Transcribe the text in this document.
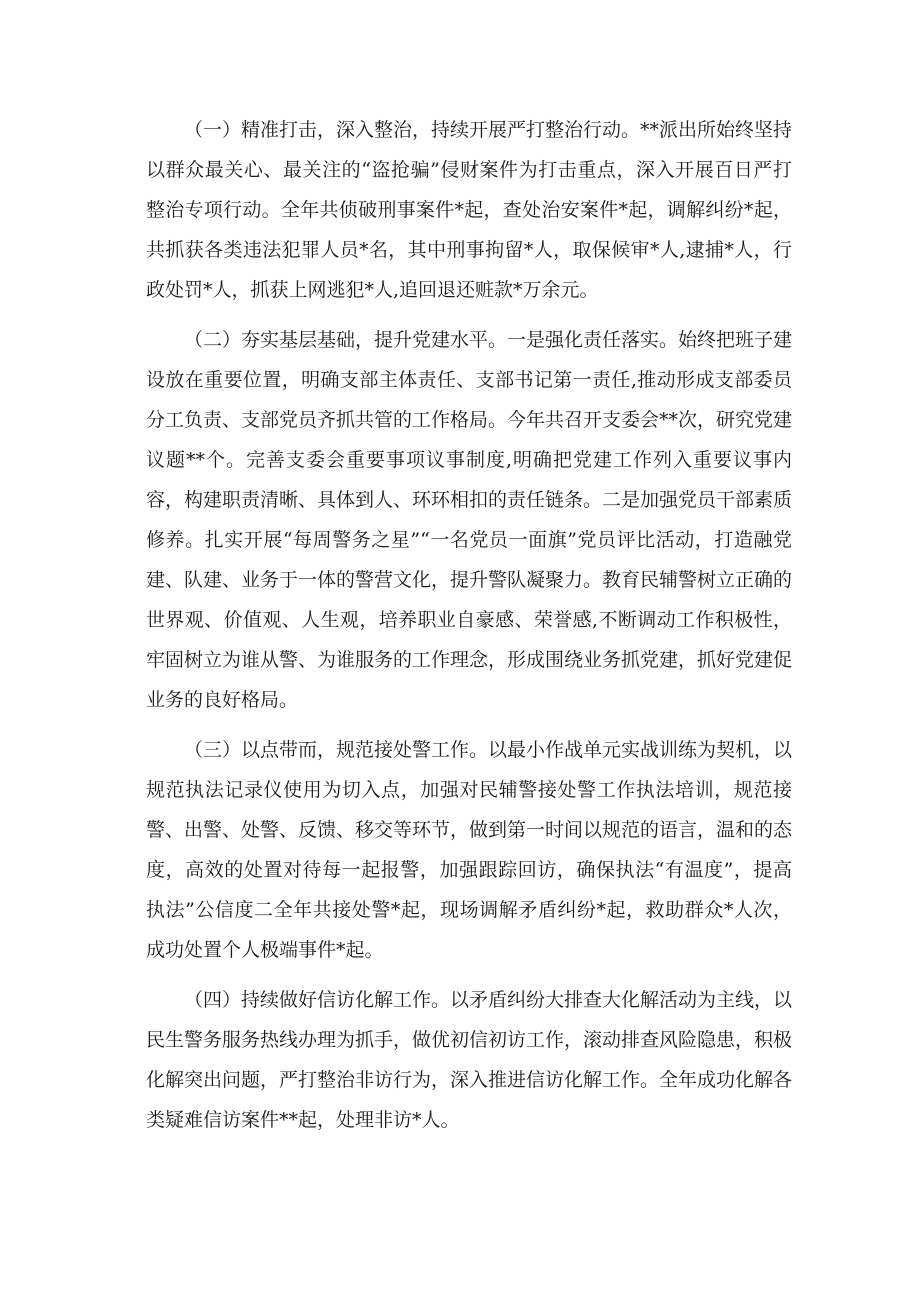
（一）精准打击，深入整治，持续开展严打整治行动。**派出所始终坚持以群众最关心、最关注的“盗抢骗”侵财案件为打击重点，深入开展百日严打整治专项行动。全年共侦破刑事案件*起，查处治安案件*起，调解纠纷*起，共抓获各类违法犯罪人员*名，其中刑事拘留*人，取保候审*人,逮捕*人，行政处罚*人，抓获上网逃犯*人,追回退还赃款*万余元。

（二）夯实基层基础，提升党建水平。一是强化责任落实。始终把班子建设放在重要位置，明确支部主体责任、支部书记第一责任,推动形成支部委员分工负责、支部党员齐抓共管的工作格局。今年共召开支委会**次，研究党建议题**个。完善支委会重要事项议事制度,明确把党建工作列入重要议事内容，构建职责清晰、具体到人、环环相扣的责任链条。二是加强党员干部素质修养。扎实开展“每周警务之星”“一名党员一面旗”党员评比活动，打造融党建、队建、业务于一体的警营文化，提升警队凝聚力。教育民辅警树立正确的世界观、价值观、人生观，培养职业自豪感、荣誉感,不断调动工作积极性，牢固树立为谁从警、为谁服务的工作理念，形成围绕业务抓党建，抓好党建促业务的良好格局。

（三）以点带而，规范接处警工作。以最小作战单元实战训练为契机，以规范执法记录仪使用为切入点，加强对民辅警接处警工作执法培训，规范接警、出警、处警、反馈、移交等环节，做到第一时间以规范的语言，温和的态度，高效的处置对待每一起报警，加强跟踪回访，确保执法“有温度”，提高执法”公信度二全年共接处警*起，现场调解矛盾纠纷*起，救助群众*人次，成功处置个人极端事件*起。

（四）持续做好信访化解工作。以矛盾纠纷大排查大化解活动为主线，以民生警务服务热线办理为抓手，做优初信初访工作，滚动排查风险隐患，积极化解突出问题，严打整治非访行为，深入推进信访化解工作。全年成功化解各类疑难信访案件**起，处理非访*人。
